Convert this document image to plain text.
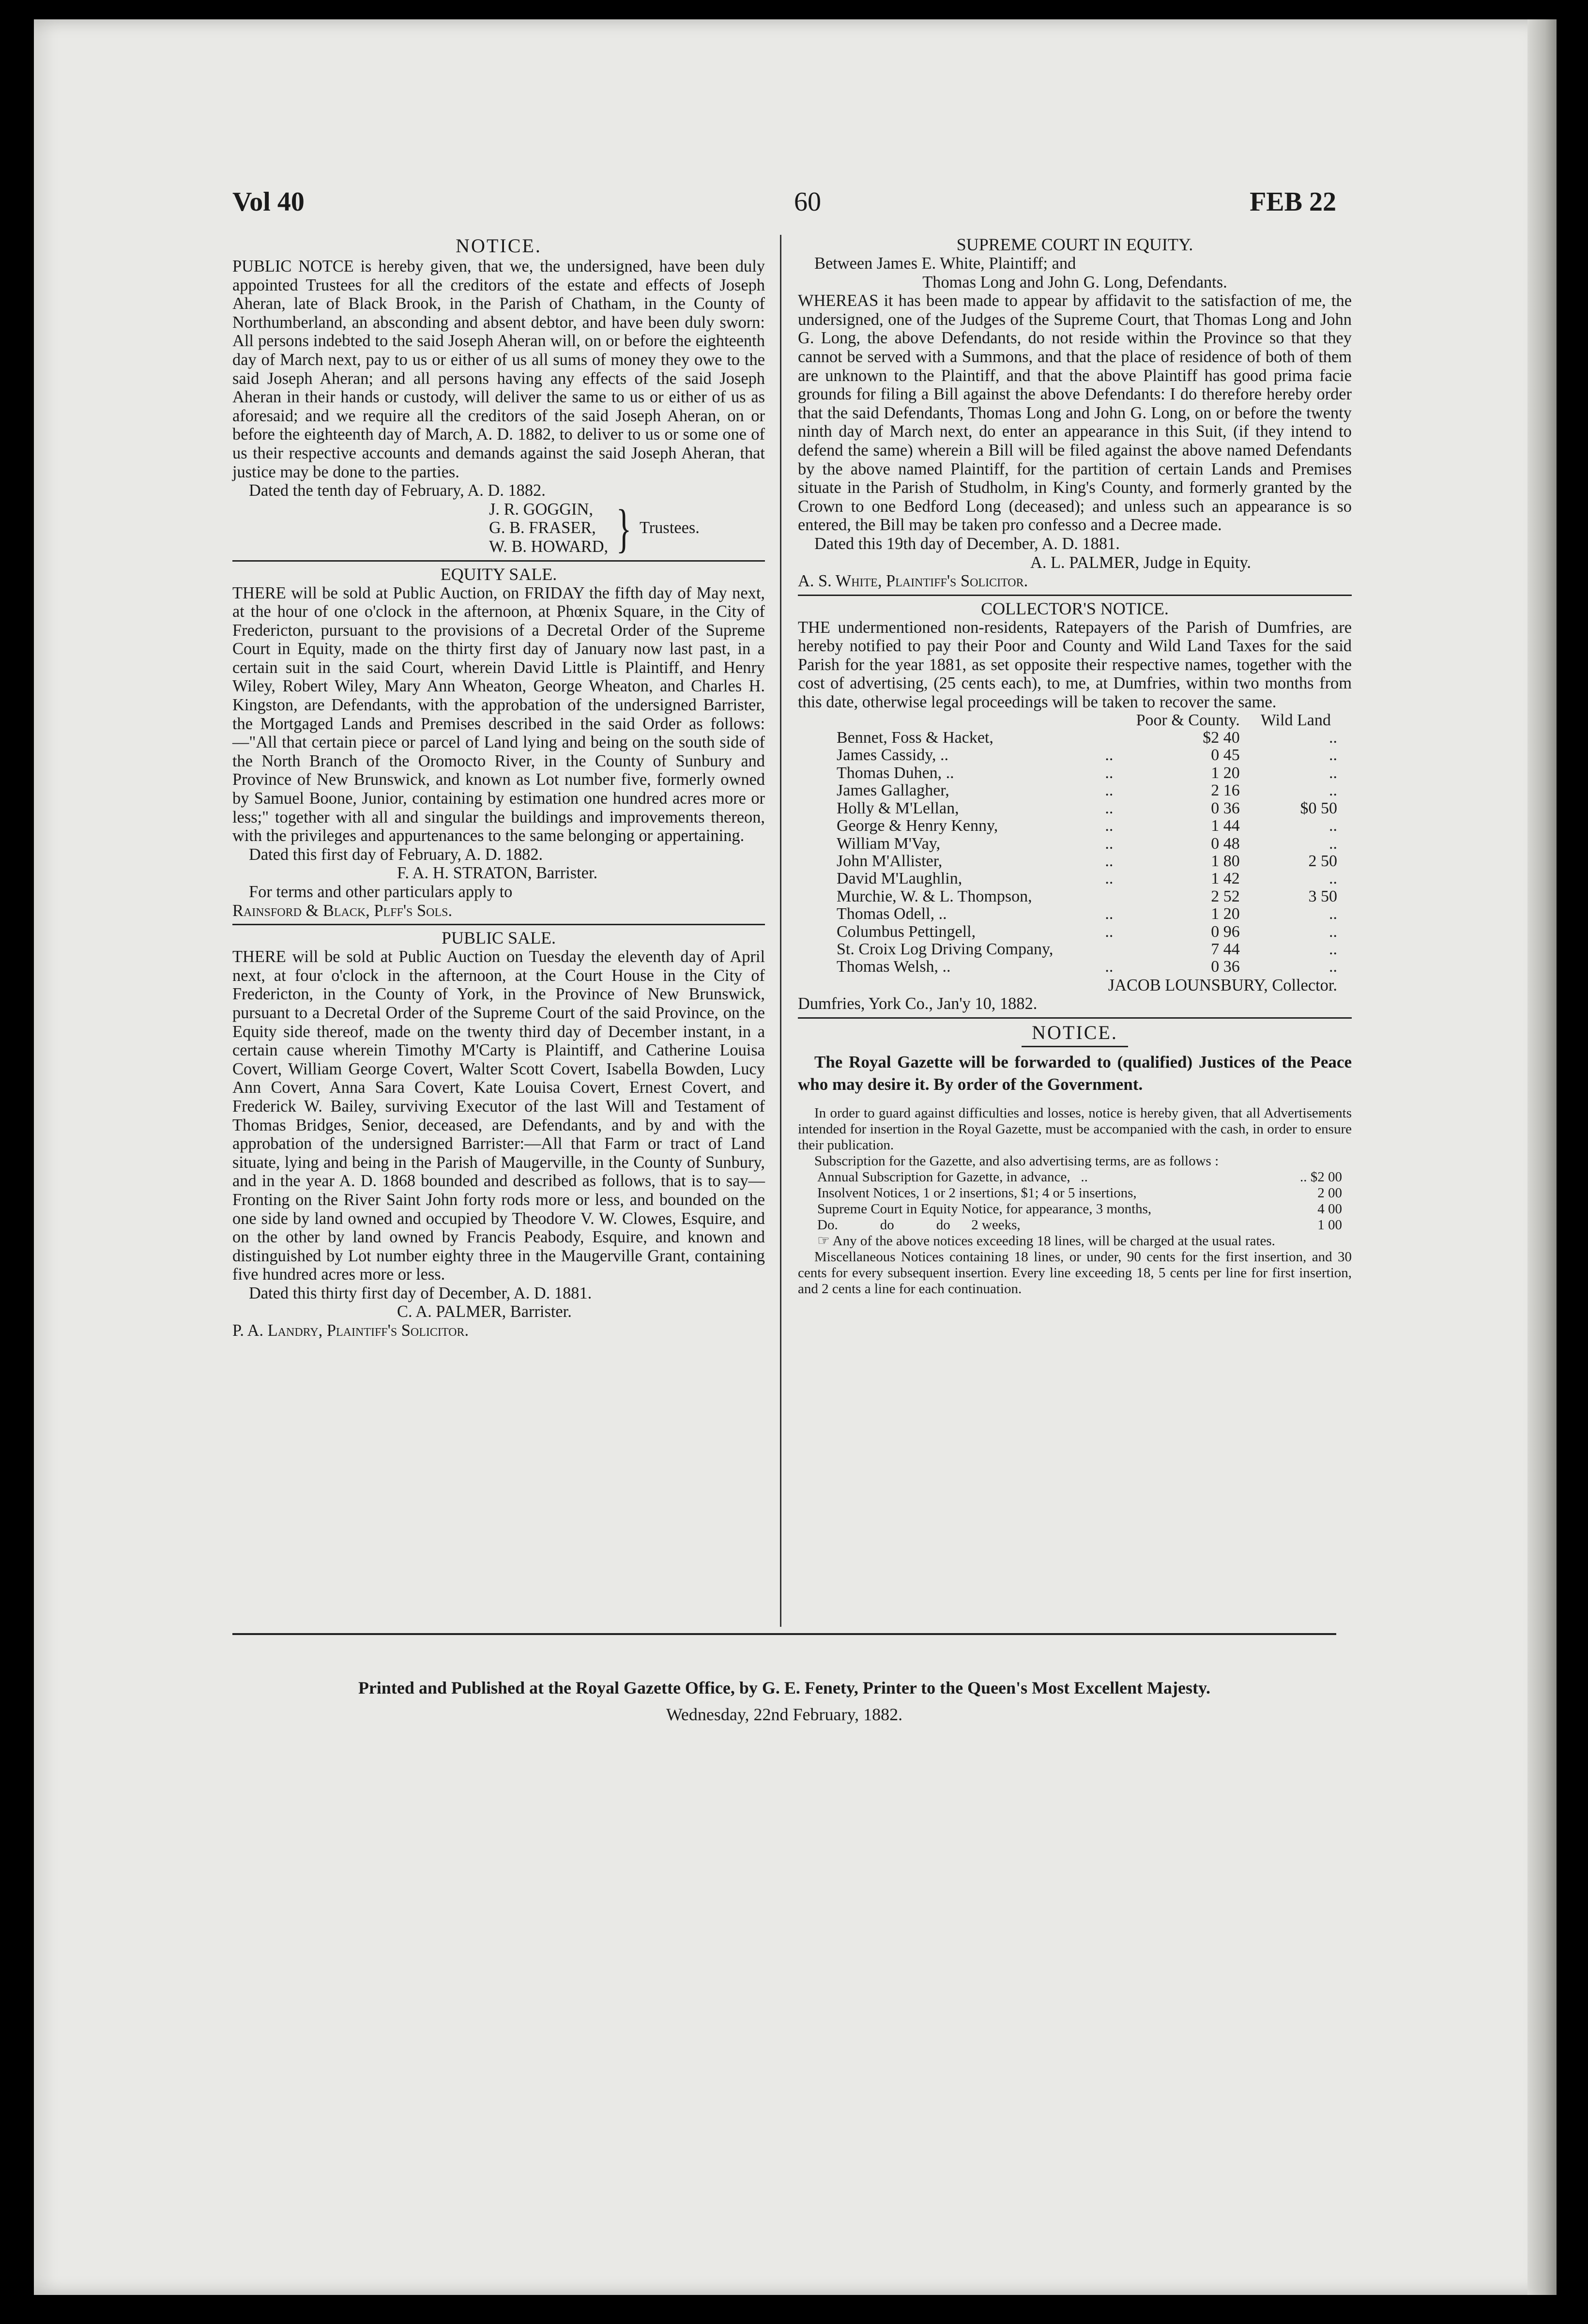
Vol 40	60	FEB 22
NOTICE.

PUBLIC NOTCE is hereby given, that we, the undersigned, have been duly appointed Trustees for all the creditors of the estate and effects of Joseph Aheran, late of Black Brook, in the Parish of Chatham, in the County of Northumberland, an absconding and absent debtor, and have been duly sworn: All persons indebted to the said Joseph Aheran will, on or before the eighteenth day of March next, pay to us or either of us all sums of money they owe to the said Joseph Aheran; and all persons having any effects of the said Joseph Aheran in their hands or custody, will deliver the same to us or either of us as aforesaid; and we require all the creditors of the said Joseph Aheran, on or before the eighteenth day of March, A. D. 1882, to deliver to us or some one of us their respective accounts and demands against the said Joseph Aheran, that justice may be done to the parties.

Dated the tenth day of February, A. D. 1882.

J. R. GOGGIN,
G. B. FRASER,
W. B. HOWARD, } Trustees.
EQUITY SALE.

THERE will be sold at Public Auction, on FRIDAY the fifth day of May next, at the hour of one o'clock in the afternoon, at Phœnix Square, in the City of Fredericton, pursuant to the provisions of a Decretal Order of the Supreme Court in Equity, made on the thirty first day of January now last past, in a certain suit in the said Court, wherein David Little is Plaintiff, and Henry Wiley, Robert Wiley, Mary Ann Wheaton, George Wheaton, and Charles H. Kingston, are Defendants, with the approbation of the undersigned Barrister, the Mortgaged Lands and Premises described in the said Order as follows:—"All that certain piece or parcel of Land lying and being on the south side of the North Branch of the Oromocto River, in the County of Sunbury and Province of New Brunswick, and known as Lot number five, formerly owned by Samuel Boone, Junior, containing by estimation one hundred acres more or less;" together with all and singular the buildings and improvements thereon, with the privileges and appurtenances to the same belonging or appertaining.

Dated this first day of February, A. D. 1882.

F. A. H. STRATON, Barrister.

For terms and other particulars apply to

Rainsford & Black, Plff's Sols.

PUBLIC SALE.

THERE will be sold at Public Auction on Tuesday the eleventh day of April next, at four o'clock in the afternoon, at the Court House in the City of Fredericton, in the County of York, in the Province of New Brunswick, pursuant to a Decretal Order of the Supreme Court of the said Province, on the Equity side thereof, made on the twenty third day of December instant, in a certain cause wherein Timothy M'Carty is Plaintiff, and Catherine Louisa Covert, William George Covert, Walter Scott Covert, Isabella Bowden, Lucy Ann Covert, Anna Sara Covert, Kate Louisa Covert, Ernest Covert, and Frederick W. Bailey, surviving Executor of the last Will and Testament of Thomas Bridges, Senior, deceased, are Defendants, and by and with the approbation of the undersigned Barrister:—All that Farm or tract of Land situate, lying and being in the Parish of Maugerville, in the County of Sunbury, and in the year A. D. 1868 bounded and described as follows, that is to say—Fronting on the River Saint John forty rods more or less, and bounded on the one side by land owned and occupied by Theodore V. W. Clowes, Esquire, and on the other by land owned by Francis Peabody, Esquire, and known and distinguished by Lot number eighty three in the Maugerville Grant, containing five hundred acres more or less.

Dated this thirty first day of December, A. D. 1881.

C. A. PALMER, Barrister.

P. A. Landry, Plaintiff's Solicitor.

SUPREME COURT IN EQUITY.

Between James E. White, Plaintiff; and

Thomas Long and John G. Long, Defendants.

WHEREAS it has been made to appear by affidavit to the satisfaction of me, the undersigned, one of the Judges of the Supreme Court, that Thomas Long and John G. Long, the above Defendants, do not reside within the Province so that they cannot be served with a Summons, and that the place of residence of both of them are unknown to the Plaintiff, and that the above Plaintiff has good prima facie grounds for filing a Bill against the above Defendants: I do therefore hereby order that the said Defendants, Thomas Long and John G. Long, on or before the twenty ninth day of March next, do enter an appearance in this Suit, (if they intend to defend the same) wherein a Bill will be filed against the above named Defendants by the above named Plaintiff, for the partition of certain Lands and Premises situate in the Parish of Studholm, in King's County, and formerly granted by the Crown to one Bedford Long (deceased); and unless such an appearance is so entered, the Bill may be taken pro confesso and a Decree made.

Dated this 19th day of December, A. D. 1881.

A. L. PALMER, Judge in Equity.

A. S. White, Plaintiff's Solicitor.

COLLECTOR'S NOTICE.

THE undermentioned non-residents, Ratepayers of the Parish of Dumfries, are hereby notified to pay their Poor and County and Wild Land Taxes for the said Parish for the year 1881, as set opposite their respective names, together with the cost of advertising, (25 cents each), to me, at Dumfries, within two months from this date, otherwise legal proceedings will be taken to recover the same.

		Poor & County.	Wild Land
Bennet, Foss & Hacket,		$2 40	..
James Cassidy, ..	..	0 45	..
Thomas Duhen, ..	..	1 20	..
James Gallagher,	..	2 16	..
Holly & M'Lellan,	..	0 36	$0 50
George & Henry Kenny,	..	1 44	..
William M'Vay,	..	0 48	..
John M'Allister,	..	1 80	2 50
David M'Laughlin,	..	1 42	..
Murchie, W. & L. Thompson,		2 52	3 50
Thomas Odell, ..	..	1 20	..
Columbus Pettingell,	..	0 96	..
St. Croix Log Driving Company,		7 44	..
Thomas Welsh, ..	..	0 36	..

JACOB LOUNSBURY, Collector.

Dumfries, York Co., Jan'y 10, 1882.

NOTICE.

The Royal Gazette will be forwarded to (qualified) Justices of the Peace who may desire it. By order of the Government.

In order to guard against difficulties and losses, notice is hereby given, that all Advertisements intended for insertion in the Royal Gazette, must be accompanied with the cash, in order to ensure their publication.

Subscription for the Gazette, and also advertising terms, are as follows :

Annual Subscription for Gazette, in advance,   ..	.. $2 00
Insolvent Notices, 1 or 2 insertions, $1; 4 or 5 insertions,	2 00
Supreme Court in Equity Notice, for appearance, 3 months,	4 00
Do.            do            do      2 weeks,	1 00

☞ Any of the above notices exceeding 18 lines, will be charged at the usual rates.

Miscellaneous Notices containing 18 lines, or under, 90 cents for the first insertion, and 30 cents for every subsequent insertion. Every line exceeding 18, 5 cents per line for first insertion, and 2 cents a line for each continuation.

Printed and Published at the Royal Gazette Office, by G. E. Fenety, Printer to the Queen's Most Excellent Majesty.
Wednesday, 22nd February, 1882.
